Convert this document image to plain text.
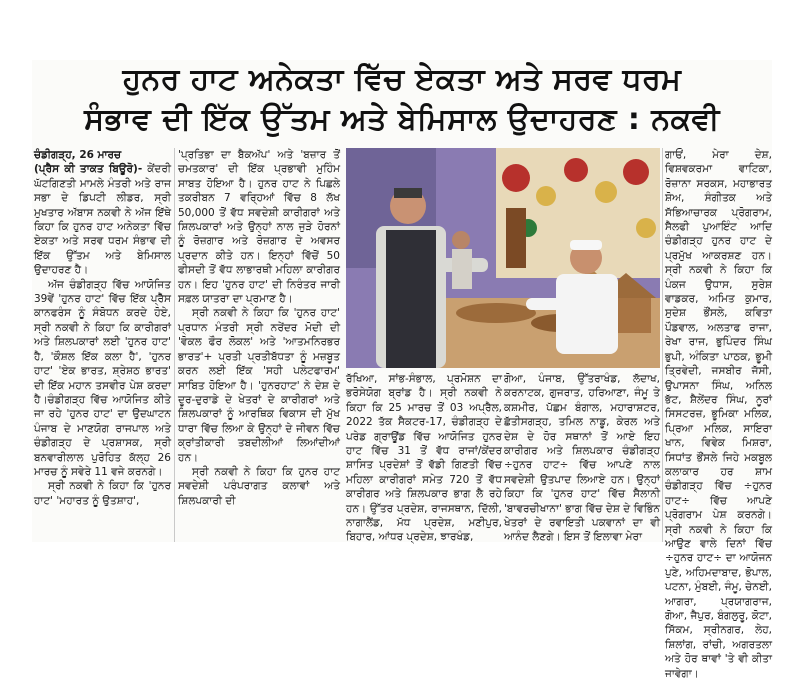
ਹੁਨਰ ਹਾਟ ਅਨੇਕਤਾ ਵਿੱਚ ਏਕਤਾ ਅਤੇ ਸਰਵ ਧਰਮ
ਸੰਭਾਵ ਦੀ ਇੱਕ ਉੱਤਮ ਅਤੇ ਬੇਮਿਸਾਲ ਉਦਾਹਰਣ : ਨਕਵੀ

ਚੰਡੀਗੜ੍ਹ, 26 ਮਾਰਚ

(ਪ੍ਰੈਸ ਕੀ ਤਾਕਤ ਬਿਊਰੋ)- ਕੇਂਦਰੀ ਘੱਟਗਿਣਤੀ ਮਾਮਲੇ ਮੰਤਰੀ ਅਤੇ ਰਾਜ ਸਭਾ ਦੇ ਡਿਪਟੀ ਲੀਡਰ, ਸ੍ਰੀ ਮੁਖਤਾਰ ਅੱਬਾਸ ਨਕਵੀ ਨੇ ਅੱਜ ਇੱਥੇ ਕਿਹਾ ਕਿ ਹੁਨਰ ਹਾਟ ਅਨੇਕਤਾ ਵਿੱਚ ਏਕਤਾ ਅਤੇ ਸਰਵ ਧਰਮ ਸੰਭਾਵ ਦੀ ਇੱਕ ਉੱਤਮ ਅਤੇ ਬੇਮਿਸਾਲ ਉਦਾਹਰਣ ਹੈ।

ਅੱਜ ਚੰਡੀਗੜ੍ਹ ਵਿੱਚ ਆਯੋਜਿਤ 39ਵੇਂ 'ਹੁਨਰ ਹਾਟ' ਵਿੱਚ ਇੱਕ ਪ੍ਰੈੱਸ ਕਾਨਫਰੰਸ ਨੂੰ ਸੰਬੋਧਨ ਕਰਦੇ ਹੋਏ, ਸ੍ਰੀ ਨਕਵੀ ਨੇ ਕਿਹਾ ਕਿ ਕਾਰੀਗਰਾਂ ਅਤੇ ਸ਼ਿਲਪਕਾਰਾਂ ਲਈ 'ਹੁਨਰ ਹਾਟ' ਹੈ, 'ਕੌਸ਼ਲ ਇੱਕ ਕਲਾ ਹੈ', 'ਹੁਨਰ ਹਾਟ' 'ਏਕ ਭਾਰਤ, ਸ਼੍ਰੇਸ਼ਠ ਭਾਰਤ' ਦੀ ਇੱਕ ਮਹਾਨ ਤਸਵੀਰ ਪੇਸ਼ ਕਰਦਾ ਹੈ।ਚੰਡੀਗੜ੍ਹ ਵਿੱਚ ਆਯੋਜਿਤ ਕੀਤੇ ਜਾ ਰਹੇ 'ਹੁਨਰ ਹਾਟ' ਦਾ ਉਦਘਾਟਨ ਪੰਜਾਬ ਦੇ ਮਾਣਯੋਗ ਰਾਜਪਾਲ ਅਤੇ ਚੰਡੀਗੜ੍ਹ ਦੇ ਪ੍ਰਸ਼ਾਸਕ, ਸ੍ਰੀ ਬਨਵਾਰੀਲਾਲ ਪੁਰੋਹਿਤ ਕੱਲ੍ਹ 26 ਮਾਰਚ ਨੂੰ ਸਵੇਰੇ 11 ਵਜੇ ਕਰਨਗੇ।

ਸ੍ਰੀ ਨਕਵੀ ਨੇ ਕਿਹਾ ਕਿ 'ਹੁਨਰ ਹਾਟ' 'ਮਹਾਰਤ ਨੂੰ ਉਤਸ਼ਾਹ',

'ਪ੍ਰਤਿਭਾ ਦਾ ਬੈਕਅੱਪ' ਅਤੇ 'ਬਜ਼ਾਰ ਤੋਂ ਚਮਤਕਾਰ' ਦੀ ਇੱਕ ਪ੍ਰਭਾਵੀ ਮੁਹਿੰਮ ਸਾਬਤ ਹੋਇਆ ਹੈ। ਹੁਨਰ ਹਾਟ ਨੇ ਪਿਛਲੇ ਤਕਰੀਬਨ 7 ਵਰ੍ਹਿਆਂ ਵਿੱਚ 8 ਲੱਖ 50,000 ਤੋਂ ਵੱਧ ਸਵਦੇਸ਼ੀ ਕਾਰੀਗਰਾਂ ਅਤੇ ਸ਼ਿਲਪਕਾਰਾਂ ਅਤੇ ਉਨ੍ਹਾਂ ਨਾਲ ਜੁੜੇ ਹੋਰਨਾਂ ਨੂੰ ਰੋਜ਼ਗਾਰ ਅਤੇ ਰੋਜ਼ਗਾਰ ਦੇ ਅਵਸਰ ਪ੍ਰਦਾਨ ਕੀਤੇ ਹਨ। ਇਨ੍ਹਾਂ ਵਿੱਚੋਂ 50 ਫੀਸਦੀ ਤੋਂ ਵੱਧ ਲਾਭਾਰਥੀ ਮਹਿਲਾ ਕਾਰੀਗਰ ਹਨ। ਇਹ 'ਹੁਨਰ ਹਾਟ' ਦੀ ਨਿਰੰਤਰ ਜਾਰੀ ਸਫ਼ਲ ਯਾਤਰਾ ਦਾ ਪ੍ਰਮਾਣ ਹੈ।

ਸ੍ਰੀ ਨਕਵੀ ਨੇ ਕਿਹਾ ਕਿ 'ਹੁਨਰ ਹਾਟ' ਪ੍ਰਧਾਨ ਮੰਤਰੀ ਸ੍ਰੀ ਨਰੇਂਦਰ ਮੋਦੀ ਦੀ 'ਵੋਕਲ ਫੌਰ ਲੋਕਲ' ਅਤੇ 'ਆਤਮਨਿਰਭਰ ਭਾਰਤ'+ ਪ੍ਰਤੀ ਪ੍ਰਤੀਬੱਧਤਾ ਨੂੰ ਮਜ਼ਬੂਤ ਕਰਨ ਲਈ ਇੱਕ 'ਸਹੀ ਪਲੇਟਫਾਰਮ' ਸਾਬਿਤ ਹੋਇਆ ਹੈ। 'ਹੁਨਰਹਾਟ' ਨੇ ਦੇਸ਼ ਦੇ ਦੂਰ-ਦੁਰਾਡੇ ਦੇ ਖੇਤਰਾਂ ਦੇ ਕਾਰੀਗਰਾਂ ਅਤੇ ਸ਼ਿਲਪਕਾਰਾਂ ਨੂੰ ਆਰਥਿਕ ਵਿਕਾਸ ਦੀ ਮੁੱਖ ਧਾਰਾ ਵਿੱਚ ਲਿਆ ਕੇ ਉਨ੍ਹਾਂ ਦੇ ਜੀਵਨ ਵਿੱਚ ਕ੍ਰਾਂਤੀਕਾਰੀ ਤਬਦੀਲੀਆਂ ਲਿਆਂਦੀਆਂ ਹਨ।

ਸ੍ਰੀ ਨਕਵੀ ਨੇ ਕਿਹਾ ਕਿ ਹੁਨਰ ਹਾਟ ਸਵਦੇਸ਼ੀ ਪਰੰਪਰਾਗਤ ਕਲਾਵਾਂ ਅਤੇ ਸ਼ਿਲਪਕਾਰੀ ਦੀ

ਰੱਖਿਆ, ਸਾਂਭ-ਸੰਭਾਲ, ਪ੍ਰਮੋਸ਼ਨ ਦਾ ਭਰੋਸੇਯੋਗ ਬ੍ਰਾਂਡ ਹੈ। ਸ੍ਰੀ ਨਕਵੀ ਨੇ ਕਿਹਾ ਕਿ 25 ਮਾਰਚ ਤੋਂ 03 ਅਪ੍ਰੈਲ, 2022 ਤੱਕ ਸੈਕਟਰ-17, ਚੰਡੀਗੜ੍ਹ ਦੇ ਪਰੇਡ ਗ੍ਰਾਊਂਡ ਵਿੱਚ ਆਯੋਜਿਤ ਹੁਨਰ ਹਾਟ ਵਿੱਚ 31 ਤੋਂ ਵੱਧ ਰਾਜਾਂ/ਕੇਂਦਰ ਸ਼ਾਸਿਤ ਪ੍ਰਦੇਸ਼ਾਂ ਤੋਂ ਵੱਡੀ ਗਿਣਤੀ ਵਿੱਚ ਮਹਿਲਾ ਕਾਰੀਗਰਾਂ ਸਮੇਤ 720 ਤੋਂ ਵੱਧ ਕਾਰੀਗਰ ਅਤੇ ਸ਼ਿਲਪਕਾਰ ਭਾਗ ਲੈ ਰਹੇ ਹਨ। ਉੱਤਰ ਪ੍ਰਦੇਸ਼, ਰਾਜਸਥਾਨ, ਦਿੱਲੀ, ਨਾਗਾਲੈਂਡ, ਮੱਧ ਪ੍ਰਦੇਸ਼, ਮਣੀਪੁਰ, ਬਿਹਾਰ, ਆਂਧਰ ਪ੍ਰਦੇਸ਼, ਝਾਰਖੰਡ,

ਗੋਆ, ਪੰਜਾਬ, ਉੱਤਰਾਖੰਡ, ਲੱਦਾਖ, ਕਰਨਾਟਕ, ਗੁਜਰਾਤ, ਹਰਿਆਣਾ, ਜੰਮੂ ਤੇ ਕਸ਼ਮੀਰ, ਪੱਛਮ ਬੰਗਾਲ, ਮਹਾਰਾਸ਼ਟਰ, ਛੱਤੀਸਗੜ੍ਹ, ਤਮਿਲ ਨਾਡੂ, ਕੇਰਲ ਅਤੇ ਦੇਸ਼ ਦੇ ਹੋਰ ਸਥਾਨਾਂ ਤੋਂ ਆਏ ਇਹ ਕਾਰੀਗਰ ਅਤੇ ਸ਼ਿਲਪਕਾਰ ਚੰਡੀਗੜ੍ਹ ÷ਹੁਨਰ ਹਾਟ÷ ਵਿੱਚ ਆਪਣੇ ਨਾਲ ਸਵਦੇਸ਼ੀ ਉਤਪਾਦ ਲਿਆਏ ਹਨ। ਉਨ੍ਹਾਂ ਕਿਹਾ ਕਿ 'ਹੁਨਰ ਹਾਟ' ਵਿੱਚ ਸੈਲਾਨੀ 'ਬਾਵਰਚੀਖਾਨਾ' ਭਾਗ ਵਿੱਚ ਦੇਸ਼ ਦੇ ਵਿਭਿੰਨ ਖੇਤਰਾਂ ਦੇ ਰਵਾਇਤੀ ਪਕਵਾਨਾਂ ਦਾ ਵੀ ਆਨੰਦ ਲੈਣਗੇ। ਇਸ ਤੋਂ ਇਲਾਵਾ ਮੇਰਾ

ਗਾਓਂ, ਮੇਰਾ ਦੇਸ਼, ਵਿਸ਼ਵਕਰਮਾ ਵਾਟਿਕਾ, ਰੋਜ਼ਾਨਾ ਸਰਕਸ, ਮਹਾਭਾਰਤ ਸ਼ੋਅ, ਸੰਗੀਤਕ ਅਤੇ ਸੱਭਿਆਚਾਰਕ ਪ੍ਰੋਗਰਾਮ, ਸੈਲਫੀ ਪੁਆਇੰਟ ਆਦਿ ਚੰਡੀਗੜ੍ਹ ਹੁਨਰ ਹਾਟ ਦੇ ਪ੍ਰਮੁੱਖ ਆਕਰਸ਼ਣ ਹਨ। ਸ੍ਰੀ ਨਕਵੀ ਨੇ ਕਿਹਾ ਕਿ ਪੰਕਜ ਉਧਾਸ, ਸੁਰੇਸ਼ ਵਾਡਕਰ, ਅਮਿਤ ਕੁਮਾਰ, ਸੁਦੇਸ਼ ਭੌਂਸਲੇ, ਕਵਿਤਾ ਪੌਡਵਾਲ, ਅਲਤਾਫ ਰਾਜਾ, ਰੇਖਾ ਰਾਜ, ਭੁਪਿੰਦਰ ਸਿੰਘ ਭੁਪੀ, ਅੰਕਿਤਾ ਪਾਠਕ, ਭੂਮੀ ਤ੍ਰਿਵੇਦੀ, ਜਸਬੀਰ ਜੱਸੀ, ਉਪਾਸਨਾ ਸਿੰਘ, ਅਨਿਲ ਭੱਟ, ਸ਼ੈਲੇਂਦਰ ਸਿੰਘ, ਨੂਰਾਂ ਸਿਸਟਰਜ਼, ਭੂਮਿਕਾ ਮਲਿਕ, ਪ੍ਰਿਆ ਮਲਿਕ, ਸਾਇਰਾ ਖਾਨ, ਵਿਵੇਕ ਮਿਸ਼ਰਾ, ਸਿਧਾਂਤ ਭੌਂਸਲੇ ਜਿਹੇ ਮਕਬੂਲ ਕਲਾਕਾਰ ਹਰ ਸ਼ਾਮ ਚੰਡੀਗੜ੍ਹ ਵਿੱਚ ÷ਹੁਨਰ ਹਾਟ÷ ਵਿੱਚ ਆਪਣੇ ਪ੍ਰੋਗਰਾਮ ਪੇਸ਼ ਕਰਨਗੇ। ਸ੍ਰੀ ਨਕਵੀ ਨੇ ਕਿਹਾ ਕਿ ਆਉਣ ਵਾਲੇ ਦਿਨਾਂ ਵਿੱਚ ÷ਹੁਨਰ ਹਾਟ÷ ਦਾ ਆਯੋਜਨ ਪੁਣੇ, ਅਹਿਮਦਾਬਾਦ, ਭੋਪਾਲ, ਪਟਨਾ, ਮੁੰਬਈ, ਜੰਮੂ, ਚੇਨਈ, ਆਗਰਾ, ਪ੍ਰਯਾਗਰਾਜ, ਗੋਆ, ਜੈਪੁਰ, ਬੰਗਲੁਰੂ, ਕੋਟਾ, ਸਿੱਕਮ, ਸ੍ਰੀਨਗਰ, ਲੇਹ, ਸ਼ਿਲਾਂਗ, ਰਾਂਚੀ, ਅਗਰਤਲਾ ਅਤੇ ਹੋਰ ਥਾਵਾਂ 'ਤੇ ਵੀ ਕੀਤਾ ਜਾਵੇਗਾ।
